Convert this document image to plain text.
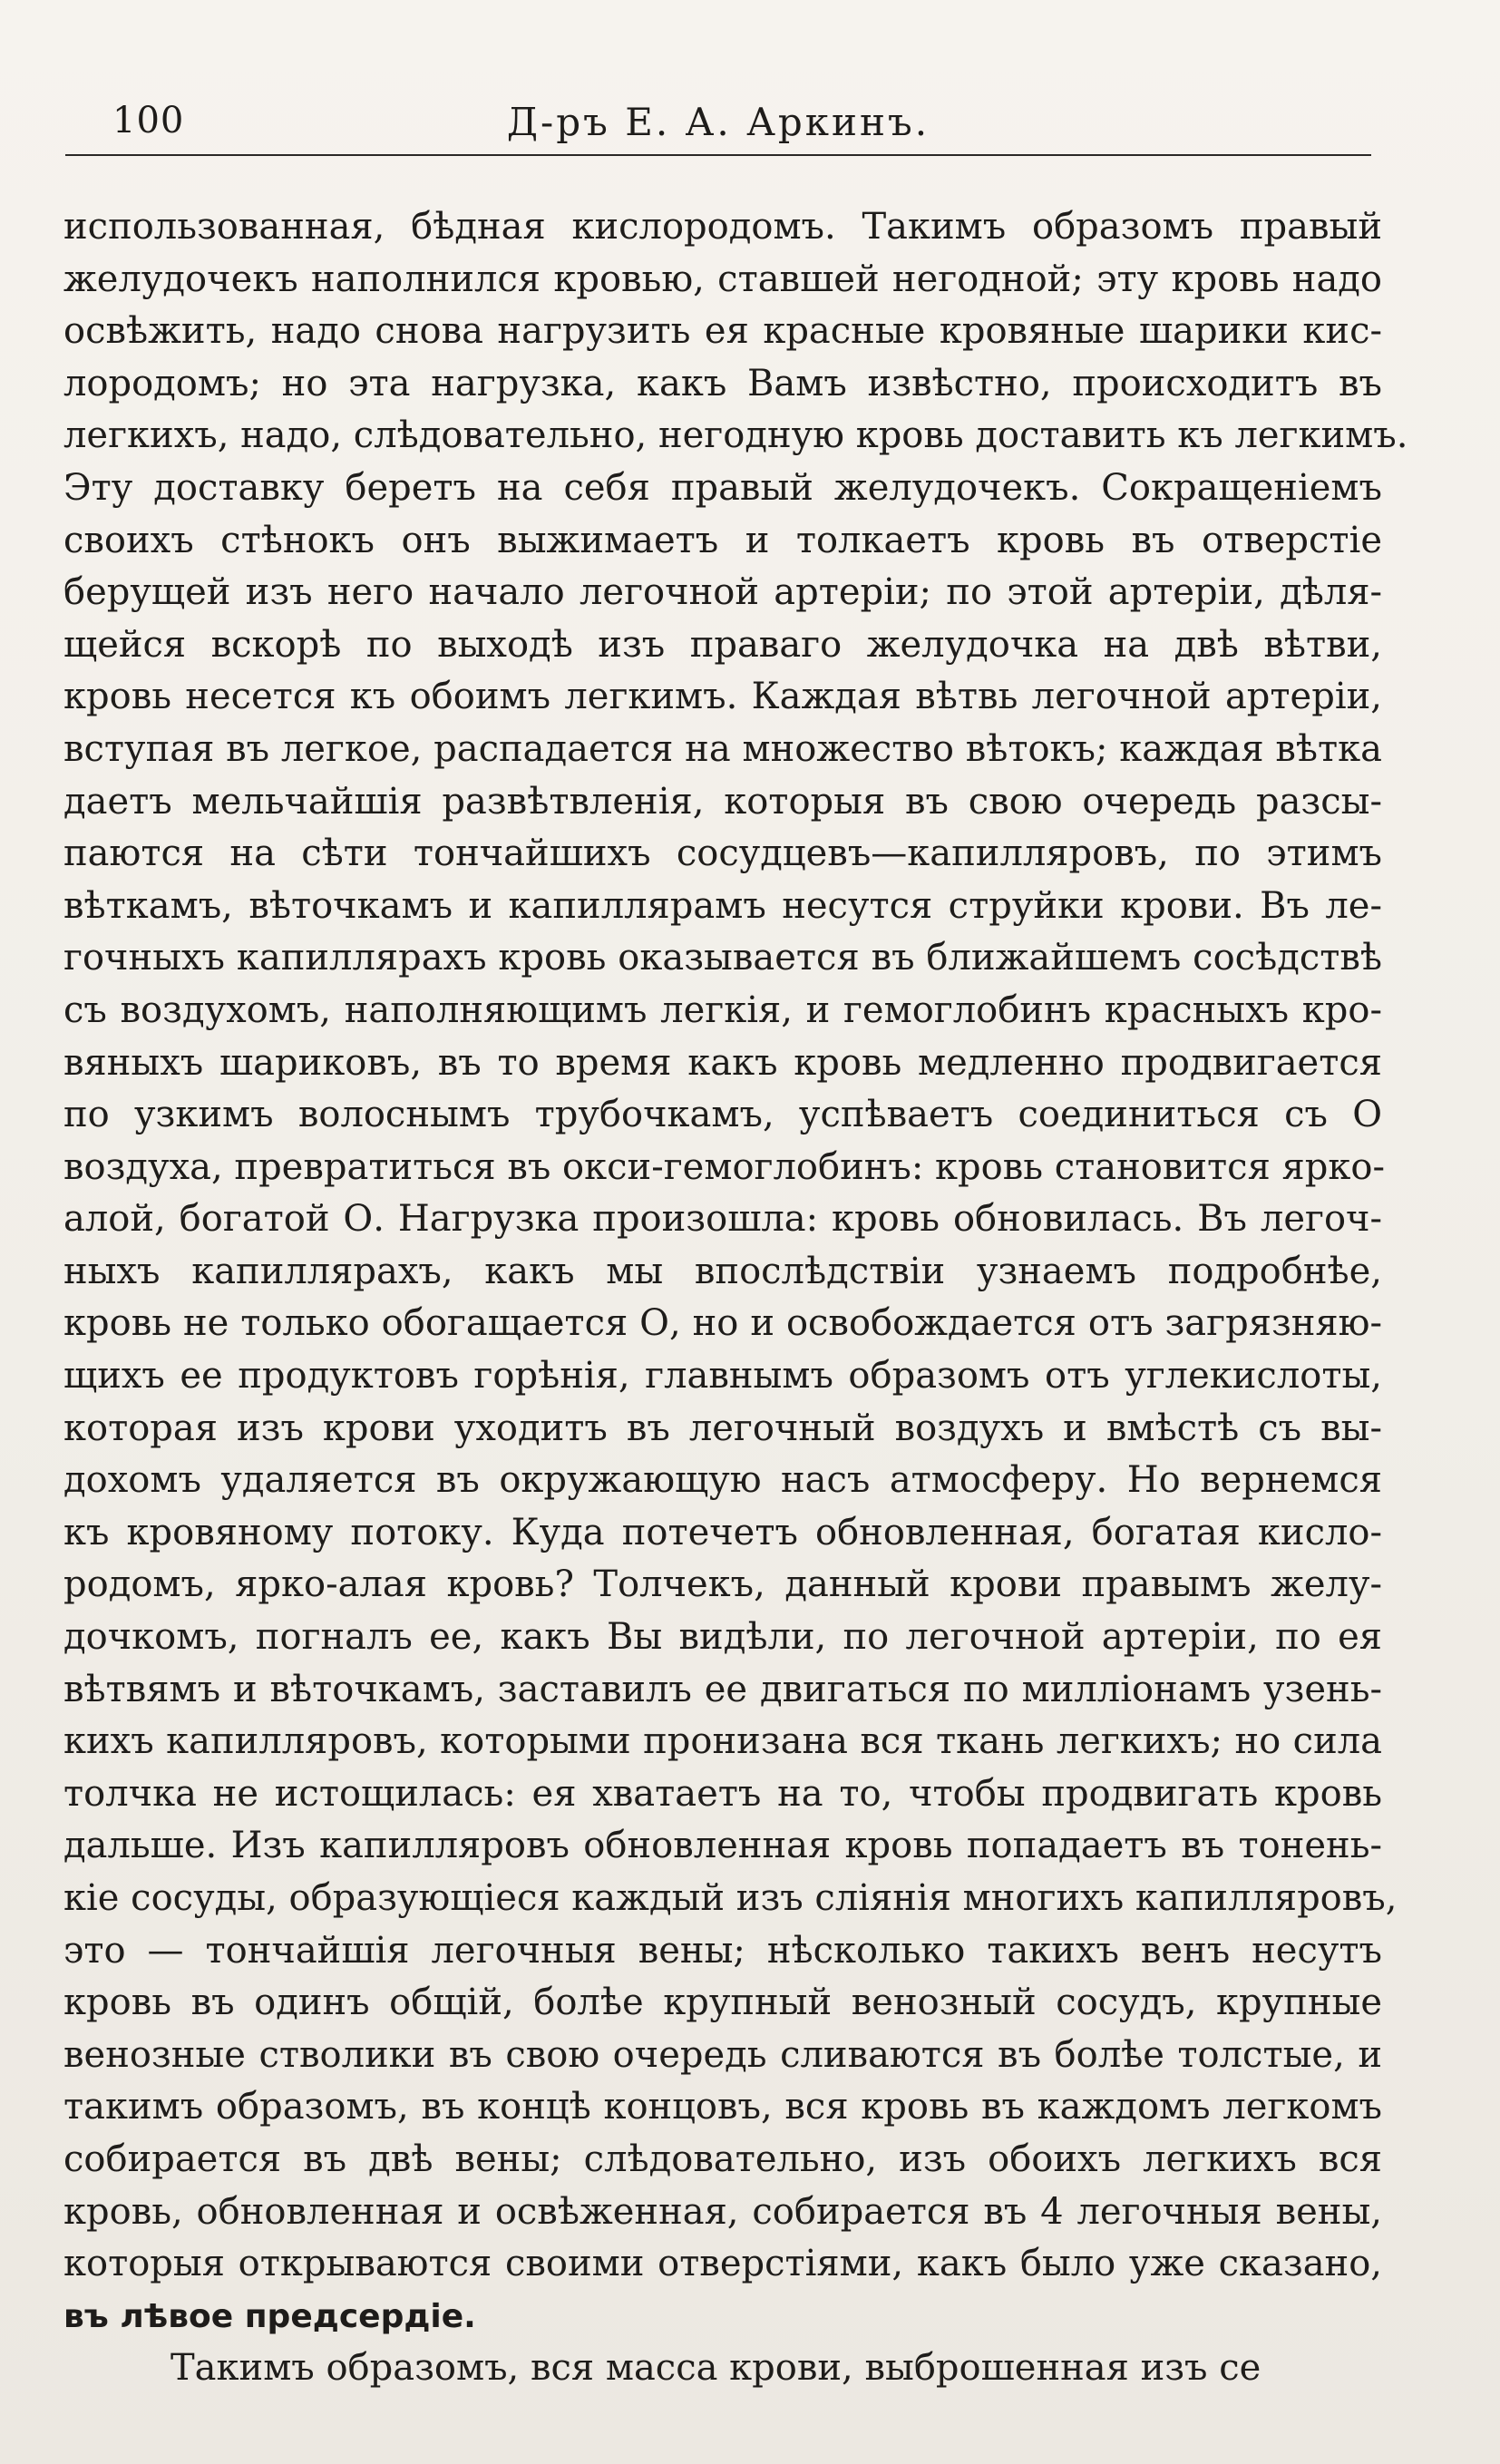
100	Д-ръ Е. А. Аркинъ.
использованная, бѣдная кислородомъ. Такимъ образомъ правый
желудочекъ наполнился кровью, ставшей негодной; эту кровь надо
освѣжить, надо снова нагрузить ея красные кровяные шарики кис-
лородомъ; но эта нагрузка, какъ Вамъ извѣстно, происходитъ въ
легкихъ, надо, слѣдовательно, негодную кровь доставить къ легкимъ.
Эту доставку беретъ на себя правый желудочекъ. Сокращеніемъ
своихъ стѣнокъ онъ выжимаетъ и толкаетъ кровь въ отверстіе
берущей изъ него начало легочной артеріи; по этой артеріи, дѣля-
щейся вскорѣ по выходѣ изъ праваго желудочка на двѣ вѣтви,
кровь несется къ обоимъ легкимъ. Каждая вѣтвь легочной артеріи,
вступая въ легкое, распадается на множество вѣтокъ; каждая вѣтка
даетъ мельчайшія развѣтвленія, которыя въ свою очередь разсы-
паются на сѣти тончайшихъ сосудцевъ—капилляровъ, по этимъ
вѣткамъ, вѣточкамъ и капиллярамъ несутся струйки крови. Въ ле-
гочныхъ капиллярахъ кровь оказывается въ ближайшемъ сосѣдствѣ
съ воздухомъ, наполняющимъ легкія, и гемоглобинъ красныхъ кро-
вяныхъ шариковъ, въ то время какъ кровь медленно продвигается
по узкимъ волоснымъ трубочкамъ, успѣваетъ соединиться съ О
воздуха, превратиться въ окси-гемоглобинъ: кровь становится ярко-
алой, богатой О. Нагрузка произошла: кровь обновилась. Въ легоч-
ныхъ капиллярахъ, какъ мы впослѣдствіи узнаемъ подробнѣе,
кровь не только обогащается О, но и освобождается отъ загрязняю-
щихъ ее продуктовъ горѣнія, главнымъ образомъ отъ углекислоты,
которая изъ крови уходитъ въ легочный воздухъ и вмѣстѣ съ вы-
дохомъ удаляется въ окружающую насъ атмосферу. Но вернемся
къ кровяному потоку. Куда потечетъ обновленная, богатая кисло-
родомъ, ярко-алая кровь? Толчекъ, данный крови правымъ желу-
дочкомъ, погналъ ее, какъ Вы видѣли, по легочной артеріи, по ея
вѣтвямъ и вѣточкамъ, заставилъ ее двигаться по милліонамъ узень-
кихъ капилляровъ, которыми пронизана вся ткань легкихъ; но сила
толчка не истощилась: ея хватаетъ на то, чтобы продвигать кровь
дальше. Изъ капилляровъ обновленная кровь попадаетъ въ тонень-
кіе сосуды, образующіеся каждый изъ слiянія многихъ капилляровъ,
это — тончайшія легочныя вены; нѣсколько такихъ венъ несутъ
кровь въ одинъ общій, болѣе крупный венозный сосудъ, крупные
венозные стволики въ свою очередь сливаются въ болѣе толстые, и
такимъ образомъ, въ концѣ концовъ, вся кровь въ каждомъ легкомъ
собирается въ двѣ вены; слѣдовательно, изъ обоихъ легкихъ вся
кровь, обновленная и освѣженная, собирается въ 4 легочныя вены,
которыя открываются своими отверстіями, какъ было уже сказано,
въ лѣвое предсердіе.
Такимъ образомъ, вся масса крови, выброшенная изъ се
